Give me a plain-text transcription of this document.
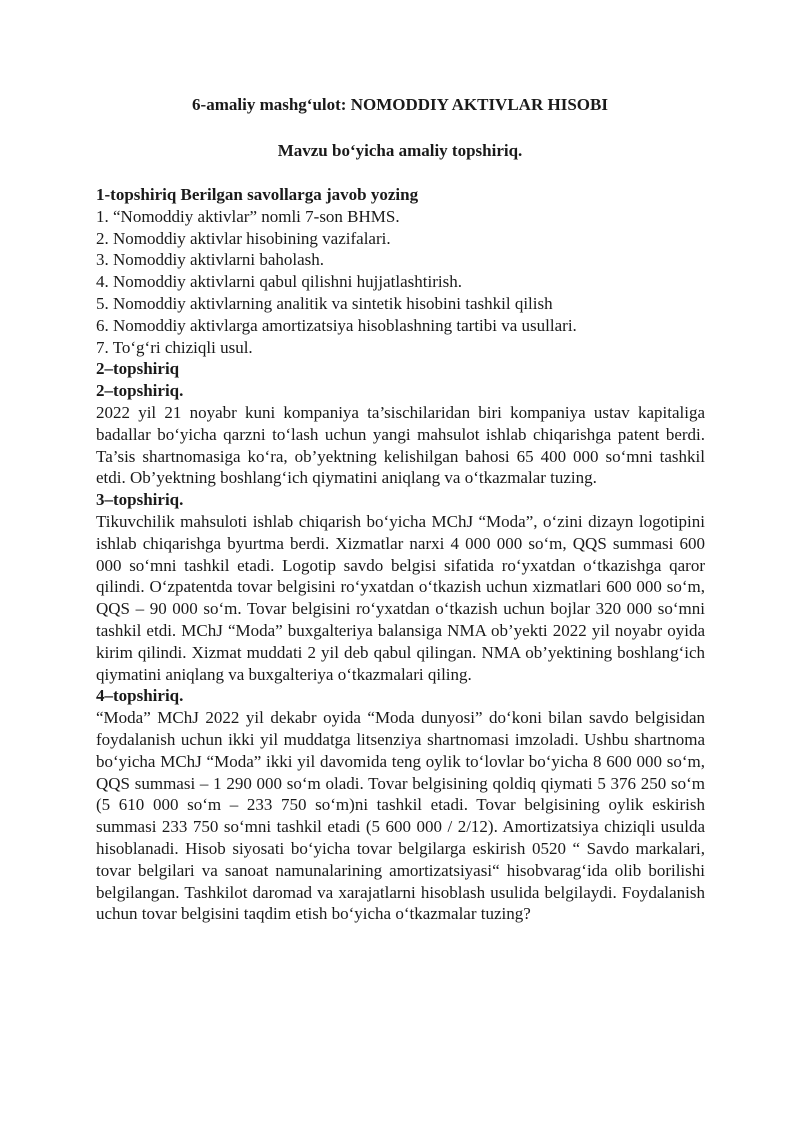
6-amaliy mashg‘ulot: NOMODDIY AKTIVLAR HISOBI
Mavzu bo‘yicha amaliy topshiriq.

1-topshiriq Berilgan savollarga javob yozing

1. “Nomoddiy aktivlar” nomli 7-son BHMS.

2. Nomoddiy aktivlar hisobining vazifalari.

3. Nomoddiy aktivlarni baholash.

4. Nomoddiy aktivlarni qabul qilishni hujjatlashtirish.

5. Nomoddiy aktivlarning analitik va sintetik hisobini tashkil qilish

6. Nomoddiy aktivlarga amortizatsiya hisoblashning tartibi va usullari.

7. To‘g‘ri chiziqli usul.

2–topshiriq

2–topshiriq.

2022 yil 21 noyabr kuni kompaniya ta’sischilaridan biri kompaniya ustav kapitaliga badallar bo‘yicha qarzni to‘lash uchun yangi mahsulot ishlab chiqarishga patent berdi. Ta’sis shartnomasiga ko‘ra, ob’yektning kelishilgan bahosi 65 400 000 so‘mni tashkil etdi. Ob’yektning boshlang‘ich qiymatini aniqlang va o‘tkazmalar tuzing.

3–topshiriq.

Tikuvchilik mahsuloti ishlab chiqarish bo‘yicha MChJ “Moda”, o‘zini dizayn logotipini ishlab chiqarishga byurtma berdi. Xizmatlar narxi 4 000 000 so‘m, QQS summasi 600 000 so‘mni tashkil etadi. Logotip savdo belgisi sifatida ro‘yxatdan o‘tkazishga qaror qilindi. O‘zpatentda tovar belgisini ro‘yxatdan o‘tkazish uchun xizmatlari 600 000 so‘m, QQS – 90 000 so‘m. Tovar belgisini ro‘yxatdan o‘tkazish uchun bojlar 320 000 so‘mni tashkil etdi. MChJ “Moda” buxgalteriya balansiga NMA ob’yekti 2022 yil noyabr oyida kirim qilindi. Xizmat muddati 2 yil deb qabul qilingan. NMA ob’yektining boshlang‘ich qiymatini aniqlang va buxgalteriya o‘tkazmalari qiling.

4–topshiriq.

“Moda” MChJ 2022 yil dekabr oyida “Moda dunyosi” do‘koni bilan savdo belgisidan foydalanish uchun ikki yil muddatga litsenziya shartnomasi imzoladi. Ushbu shartnoma bo‘yicha MChJ “Moda” ikki yil davomida teng oylik to‘lovlar bo‘yicha 8 600 000 so‘m, QQS summasi – 1 290 000 so‘m oladi. Tovar belgisining qoldiq qiymati 5 376 250 so‘m (5 610 000 so‘m – 233 750 so‘m)ni tashkil etadi. Tovar belgisining oylik eskirish summasi 233 750 so‘mni tashkil etadi (5 600 000 / 2/12). Amortizatsiya chiziqli usulda hisoblanadi. Hisob siyosati bo‘yicha tovar belgilarga eskirish 0520 “ Savdo markalari, tovar belgilari va sanoat namunalarining amortizatsiyasi“ hisobvarag‘ida olib borilishi belgilangan. Tashkilot daromad va xarajatlarni hisoblash usulida belgilaydi. Foydalanish uchun tovar belgisini taqdim etish bo‘yicha o‘tkazmalar tuzing?
